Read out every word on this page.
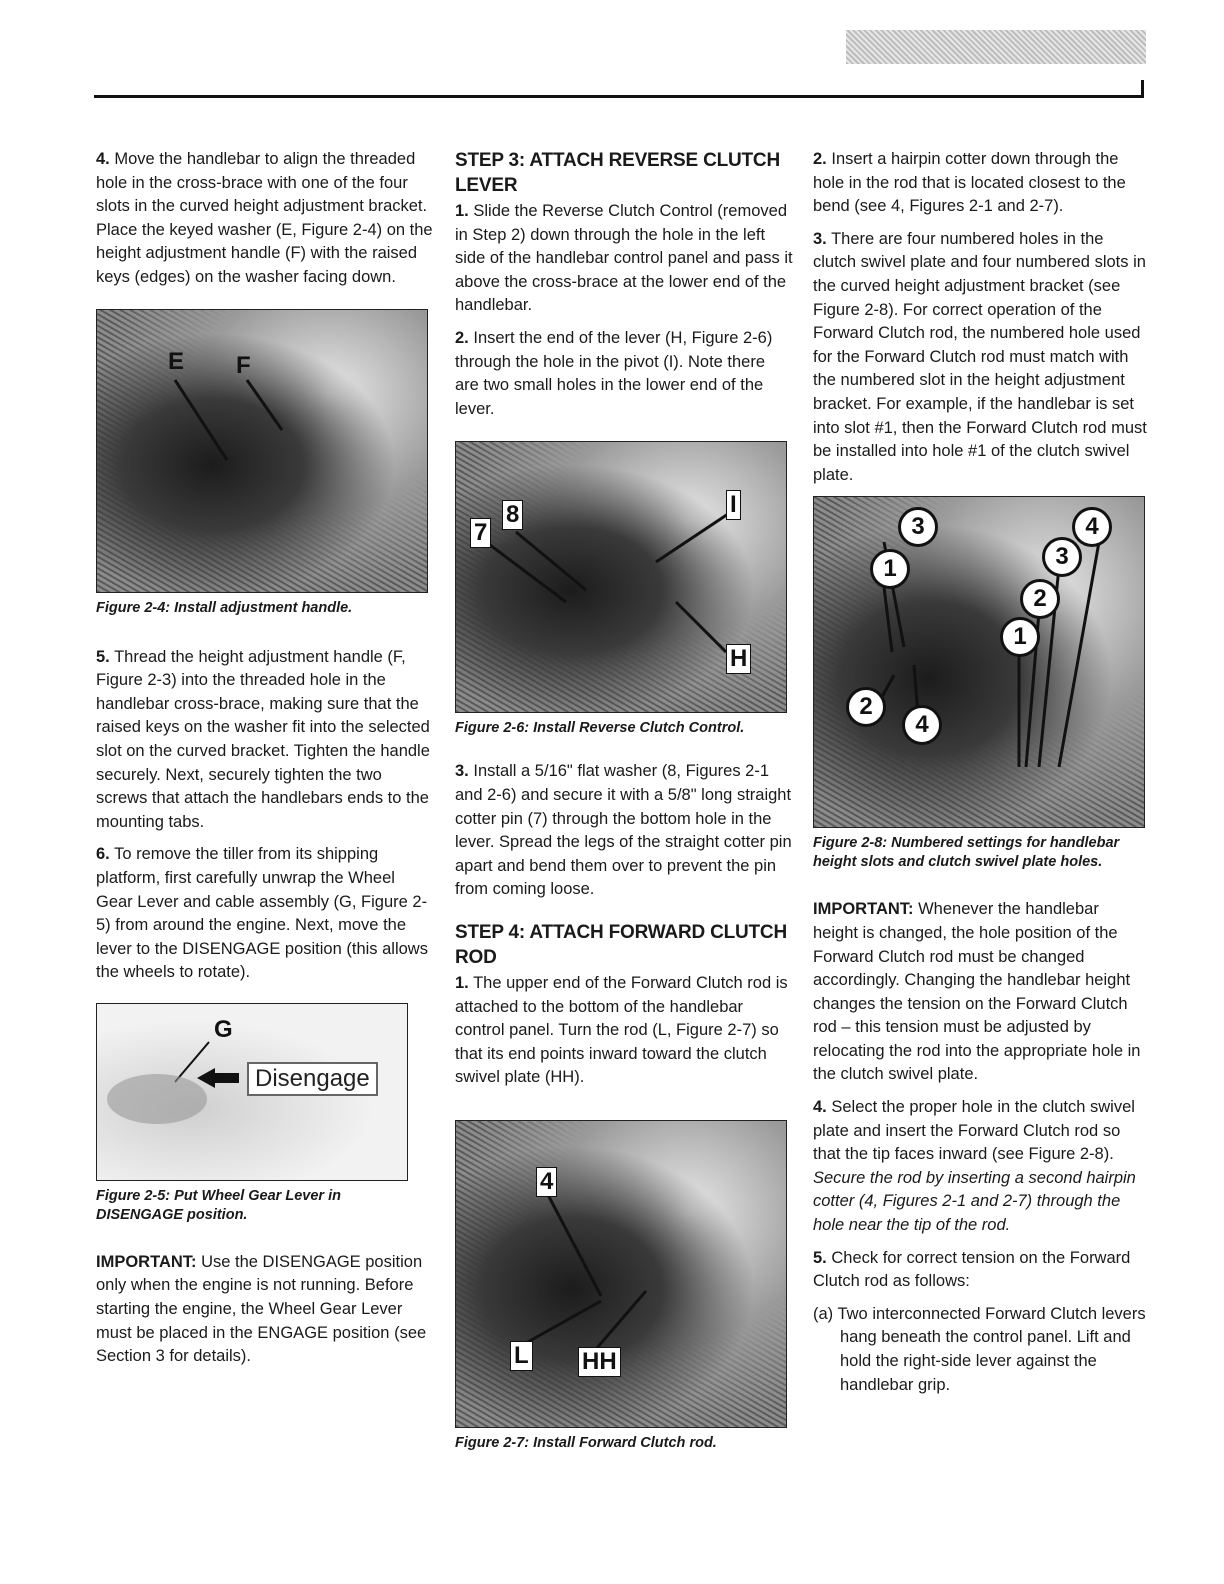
4. Move the handlebar to align the threaded hole in the cross-brace with one of the four slots in the curved height adjustment bracket. Place the keyed washer (E, Figure 2-4) on the height adjustment handle (F) with the raised keys (edges) on the washer facing down.

E F

Figure 2-4: Install adjustment handle.

5. Thread the height adjustment handle (F, Figure 2-3) into the threaded hole in the handlebar cross-brace, making sure that the raised keys on the washer fit into the selected slot on the curved bracket. Tighten the handle securely. Next, securely tighten the two screws that attach the handlebars ends to the mounting tabs.

6. To remove the tiller from its shipping platform, first carefully unwrap the Wheel Gear Lever and cable assembly (G, Figure 2-5) from around the engine. Next, move the lever to the DISENGAGE position (this allows the wheels to rotate).

G
Disengage

Figure 2-5: Put Wheel Gear Lever in DISENGAGE position.

IMPORTANT: Use the DISENGAGE position only when the engine is not running. Before starting the engine, the Wheel Gear Lever must be placed in the ENGAGE position (see Section 3 for details).

STEP 3: ATTACH REVERSE CLUTCH LEVER

1. Slide the Reverse Clutch Control (removed in Step 2) down through the hole in the left side of the handlebar control panel and pass it above the cross-brace at the lower end of the handlebar.

2. Insert the end of the lever (H, Figure 2-6) through the hole in the pivot (I). Note there are two small holes in the lower end of the lever.

8
7
I
H

Figure 2-6: Install Reverse Clutch Control.

3. Install a 5/16" flat washer (8, Figures 2-1 and 2-6) and secure it with a 5/8" long straight cotter pin (7) through the bottom hole in the lever. Spread the legs of the straight cotter pin apart and bend them over to prevent the pin from coming loose.

STEP 4: ATTACH FORWARD CLUTCH ROD

1. The upper end of the Forward Clutch rod is attached to the bottom of the handlebar control panel. Turn the rod (L, Figure 2-7) so that its end points inward toward the clutch swivel plate (HH).

4
L HH

Figure 2-7: Install Forward Clutch rod.

2. Insert a hairpin cotter down through the hole in the rod that is located closest to the bend (see 4, Figures 2-1 and 2-7).

3. There are four numbered holes in the clutch swivel plate and four numbered slots in the curved height adjustment bracket (see Figure 2-8). For correct operation of the Forward Clutch rod, the numbered hole used for the Forward Clutch rod must match with the numbered slot in the height adjustment bracket. For example, if the handlebar is set into slot #1, then the Forward Clutch rod must be installed into hole #1 of the clutch swivel plate.

3
1
2
4
4
3
2
1

Figure 2-8: Numbered settings for handlebar height slots and clutch swivel plate holes.

IMPORTANT: Whenever the handlebar height is changed, the hole position of the Forward Clutch rod must be changed accordingly. Changing the handlebar height changes the tension on the Forward Clutch rod – this tension must be adjusted by relocating the rod into the appropriate hole in the clutch swivel plate.

4. Select the proper hole in the clutch swivel plate and insert the Forward Clutch rod so that the tip faces inward (see Figure 2-8). Secure the rod by inserting a second hairpin cotter (4, Figures 2-1 and 2-7) through the hole near the tip of the rod.

5. Check for correct tension on the Forward Clutch rod as follows:

(a) Two interconnected Forward Clutch levers hang beneath the control panel. Lift and hold the right-side lever against the handlebar grip.
